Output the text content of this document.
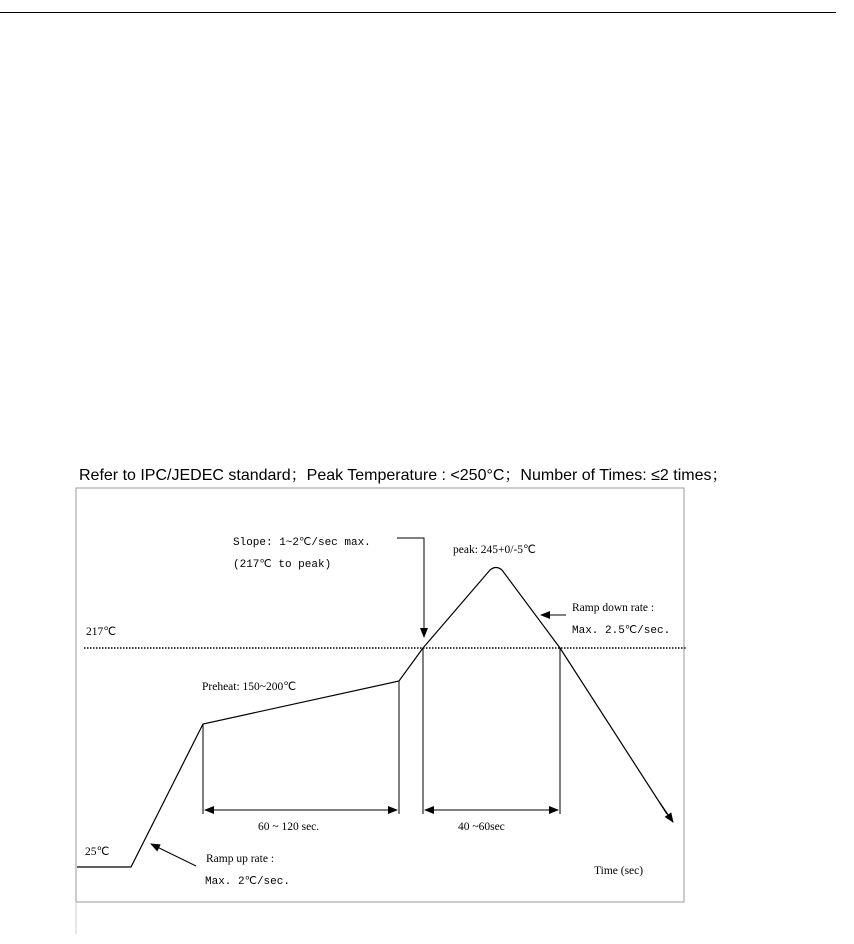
Refer to IPC/JEDEC standard；Peak Temperature : <250°C；Number of Times: ≤2 times；
217℃
25℃
Slope: 1~2℃/sec max.
(217℃ to peak)
peak: 245+0/-5℃
Ramp down rate :
Max. 2.5℃/sec.
Preheat: 150~200℃
60 ~ 120 sec.	40 ~60sec
Ramp up rate :
Max. 2℃/sec.
Time (sec)
